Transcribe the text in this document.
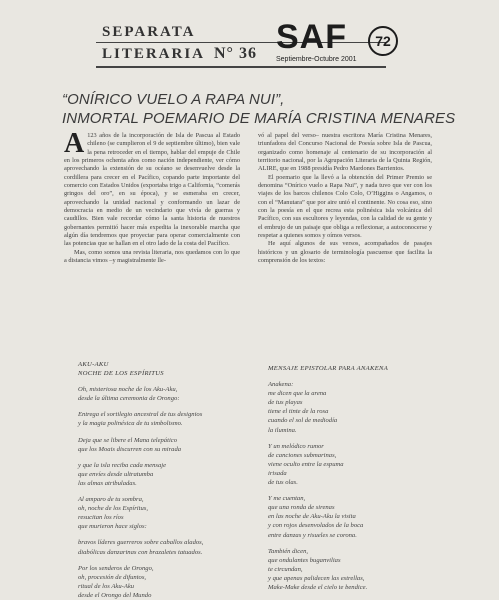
SEPARATA
LITERARIA N° 36 SAF	72
Septiembre-Octubre 2001
“ONÍRICO VUELO A RAPA NUI”,
INMORTAL POEMARIO DE MARÍA CRISTINA MENARES

A 123 años de la incorporación de Isla de Pascua al Estado chileno (se cumplieron el 9 de septiembre último), bien vale la pena retroceder en el tiempo, hablar del empuje de Chile en los primeros ochenta años como nación independiente, ver cómo aprovechando la extensión de su océano se desenvuelve desde la cordillera para crecer en el Pacífico, copando parte importante del comercio con Estados Unidos (exportaba trigo a California, “comerás gringos del oro”, en su época), y se esmeraba en crecer, aprovechando la unidad nacional y conformando un lazar de democracia en medio de un vecindario que vivía de guerras y caudillos. Bien vale recordar cómo la santa historia de nuestros gobernantes permitió hacer más expedita la inexorable marcha que algún día tendremos que proyectar para operar comercialmente con las potencias que se hallan en el otro lado de la costa del Pacífico.

Mas, como somos una revista literaria, nos quedamos con lo que a distancia vimos –y magistralmente lle-

vó al papel del verso– nuestra escritora María Cristina Menares, triunfadora del Concurso Nacional de Poesía sobre Isla de Pascua, organizado como homenaje al centenario de su incorporación al territorio nacional, por la Agrupación Literaria de la Quinta Región, ALIRE, que en 1988 presidía Pedro Mardones Barrientos.

El poemario que la llevó a la obtención del Primer Premio se denomina “Onírico vuelo a Rapa Nui”, y nada tuvo que ver con los viajes de los barcos chilenos Colo Colo, O’Higgins o Angamos, o con el “Manutara” que por aire unió el continente. No cosa eso, sino con la poesía en el que recrea esta polinésica isla volcánica del Pacífico, con sus escultores y leyendas, con la calidad de su gente y el embrujo de un paisaje que obliga a reflexionar, a autoconocerse y respetar a quienes somos y oímos versos.

He aquí algunos de sus versos, acompañados de pasajes históricos y un glosario de terminología pascuense que facilita la comprensión de los textos:

AKU-AKU
NOCHE DE LOS ESPÍRITUS
Oh, misteriosa noche de los Aku-Aku,
desde la última ceremonia de Orongo:
Entrega el sortilegio ancestral de tus designios
y la magia polinésica de tu simbolismo.
Deja que se libere el Mana telepático
que los Moais discurren con su mirada
y que la isla reciba cada mensaje
que envíes desde ultratumba
las almas atribuladas.
Al amparo de tu sombra,
oh, noche de los Espíritus,
resucitan los ríos
que murieron hace siglos:
bravos líderes guerreros sobre caballos alados,
diabólicas danzarinas con brazaletes tatuados.
Por los senderos de Orongo,
oh, procesión de difuntos,
ritual de los Aku-Aku
desde el Orongo del Mundo
MENSAJE EPISTOLAR PARA ANAKENA
Anakena:
me dicen que la arena
de tus playas
tiene el tinte de la rosa
cuando el sol de mediodía
la ilumina.
Y un melódico rumor
de canciones submarinas,
viene oculto entre la espuma
irisada
de tus olas.
Y me cuentan,
que una ronda de sirenas
en las noche de Aku-Aku la visita
y con rojos desenvolados de la boca
entre danzas y risueles se corona.
También dicen,
que ondulantes buganvilias
te circundan,
y que apenas palidecen las estrellas,
Make-Make desde el cielo te bendice.
